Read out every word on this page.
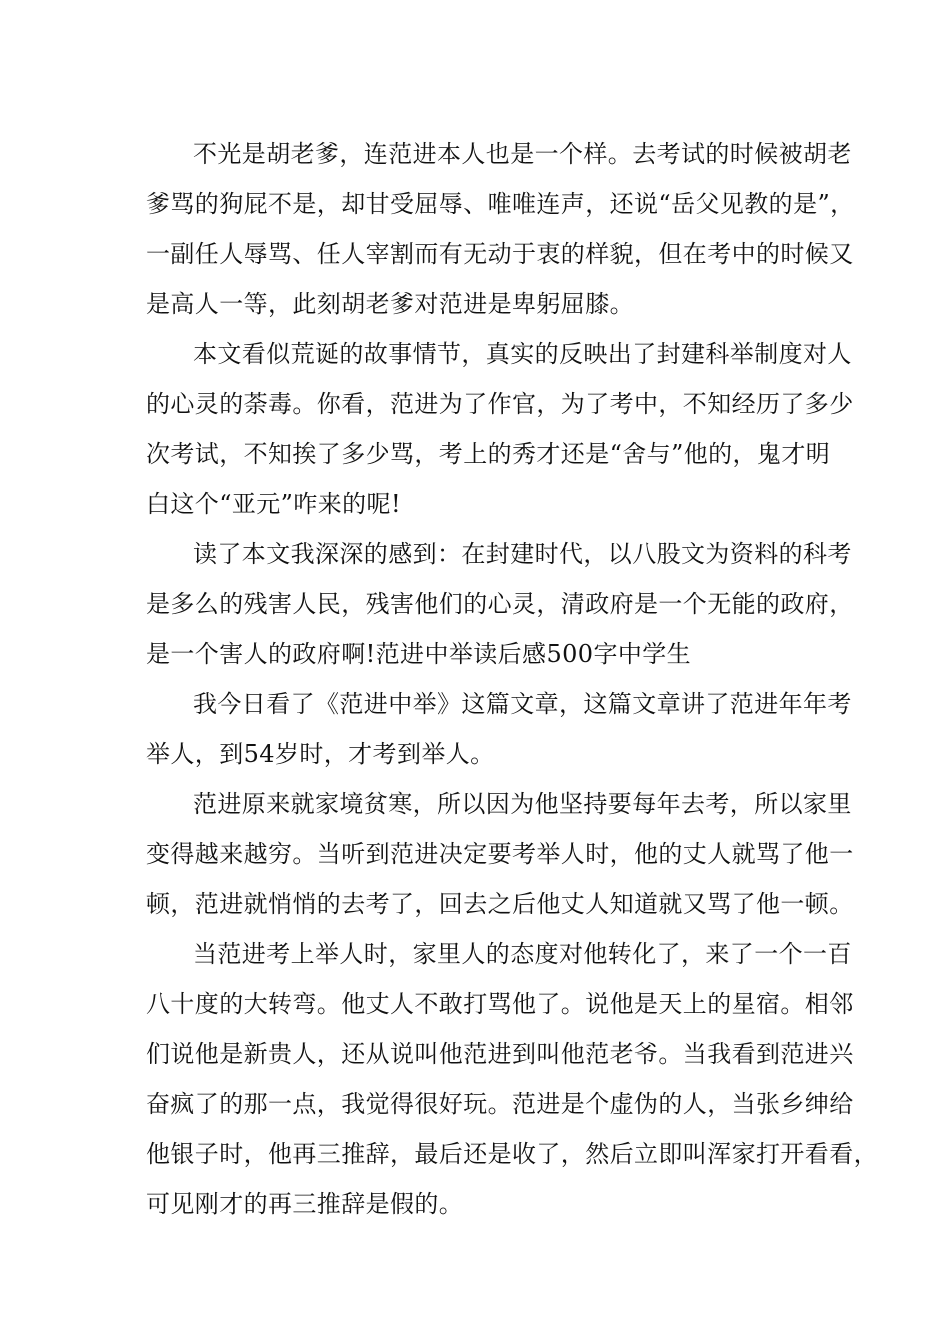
不光是胡老爹，连范进本人也是一个样。去考试的时候被胡老
爹骂的狗屁不是，却甘受屈辱、唯唯连声，还说“岳父见教的是”，
一副任人辱骂、任人宰割而有无动于衷的样貌，但在考中的时候又
是高人一等，此刻胡老爹对范进是卑躬屈膝。
本文看似荒诞的故事情节，真实的反映出了封建科举制度对人
的心灵的荼毒。你看，范进为了作官，为了考中，不知经历了多少
次考试，不知挨了多少骂，考上的秀才还是“舍与”他的，鬼才明
白这个“亚元”咋来的呢!
读了本文我深深的感到：在封建时代，以八股文为资料的科考
是多么的残害人民，残害他们的心灵，清政府是一个无能的政府，
是一个害人的政府啊!范进中举读后感500字中学生
我今日看了《范进中举》这篇文章，这篇文章讲了范进年年考
举人，到54岁时，才考到举人。
范进原来就家境贫寒，所以因为他坚持要每年去考，所以家里
变得越来越穷。当听到范进决定要考举人时，他的丈人就骂了他一
顿，范进就悄悄的去考了，回去之后他丈人知道就又骂了他一顿。
当范进考上举人时，家里人的态度对他转化了，来了一个一百
八十度的大转弯。他丈人不敢打骂他了。说他是天上的星宿。相邻
们说他是新贵人，还从说叫他范进到叫他范老爷。当我看到范进兴
奋疯了的那一点，我觉得很好玩。范进是个虚伪的人，当张乡绅给
他银子时，他再三推辞，最后还是收了，然后立即叫浑家打开看看，
可见刚才的再三推辞是假的。
